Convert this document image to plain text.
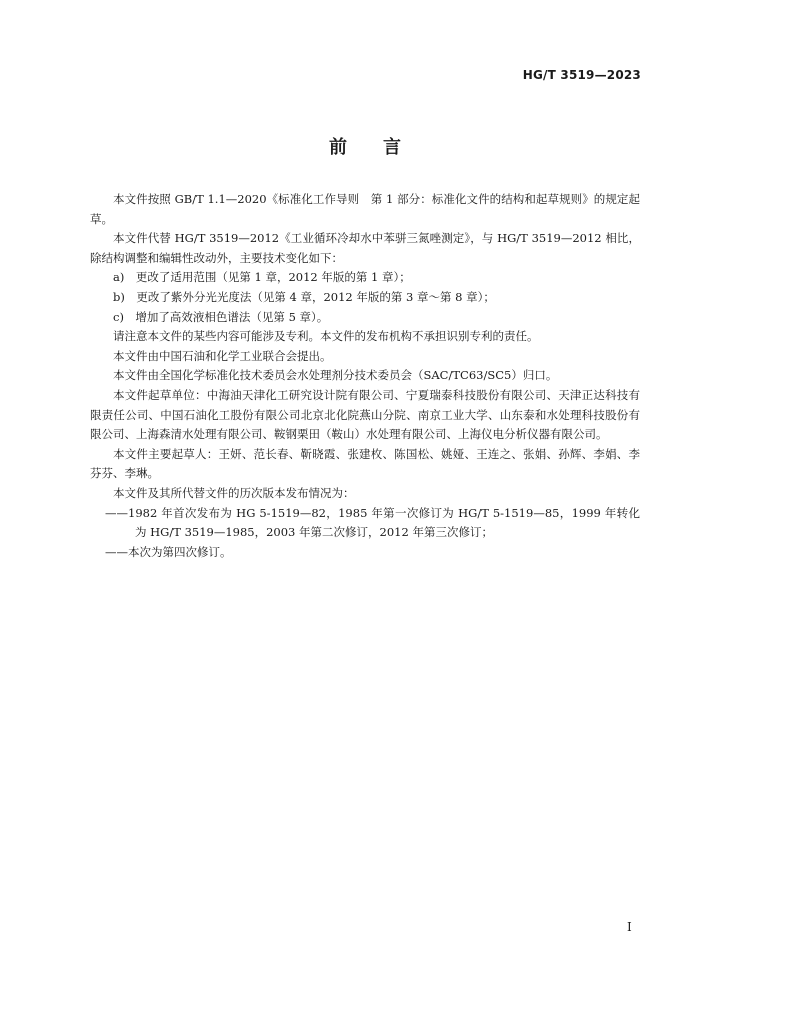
HG/T 3519—2023
前言

本文件按照 GB/T 1.1—2020《标准化工作导则　第 1 部分：标准化文件的结构和起草规则》的规定起草。

本文件代替 HG/T 3519—2012《工业循环冷却水中苯骈三氮唑测定》，与 HG/T 3519—2012 相比，除结构调整和编辑性改动外，主要技术变化如下：

a)　更改了适用范围（见第 1 章，2012 年版的第 1 章）；

b)　更改了紫外分光光度法（见第 4 章，2012 年版的第 3 章～第 8 章）；

c)　增加了高效液相色谱法（见第 5 章）。

请注意本文件的某些内容可能涉及专利。本文件的发布机构不承担识别专利的责任。

本文件由中国石油和化学工业联合会提出。

本文件由全国化学标准化技术委员会水处理剂分技术委员会（SAC/TC63/SC5）归口。

本文件起草单位：中海油天津化工研究设计院有限公司、宁夏瑞泰科技股份有限公司、天津正达科技有限责任公司、中国石油化工股份有限公司北京北化院燕山分院、南京工业大学、山东泰和水处理科技股份有限公司、上海森清水处理有限公司、鞍钢栗田（鞍山）水处理有限公司、上海仪电分析仪器有限公司。

本文件主要起草人：王妍、范长春、靳晓霞、张建枚、陈国松、姚娅、王连之、张娟、孙辉、李娟、李芬芬、李琳。

本文件及其所代替文件的历次版本发布情况为：

——1982 年首次发布为 HG 5-1519—82，1985 年第一次修订为 HG/T 5-1519—85，1999 年转化为 HG/T 3519—1985，2003 年第二次修订，2012 年第三次修订；

——本次为第四次修订。

I
